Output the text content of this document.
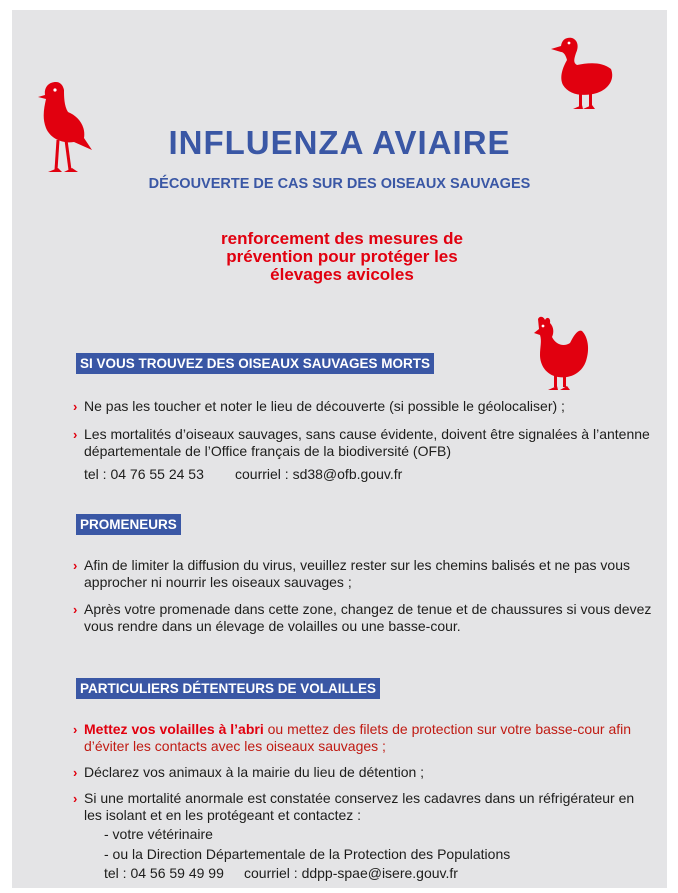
INFLUENZA AVIAIRE
DÉCOUVERTE DE CAS SUR DES OISEAUX SAUVAGES
renforcement des mesures de
prévention pour protéger les
élevages avicoles
SI VOUS TROUVEZ DES OISEAUX SAUVAGES MORTS
› Ne pas les toucher et noter le lieu de découverte (si possible le géolocaliser) ;
› Les mortalités d’oiseaux sauvages, sans cause évidente, doivent être signalées à l’antenne départementale de l’Office français de la biodiversité (OFB)
tel : 04 76 55 24 53 courriel : sd38@ofb.gouv.fr
PROMENEURS
› Afin de limiter la diffusion du virus, veuillez rester sur les chemins balisés et ne pas vous approcher ni nourrir les oiseaux sauvages ;
› Après votre promenade dans cette zone, changez de tenue et de chaussures si vous devez vous rendre dans un élevage de volailles ou une basse-cour.
PARTICULIERS DÉTENTEURS DE VOLAILLES
› Mettez vos volailles à l’abri ou mettez des filets de protection sur votre basse-cour afin d’éviter les contacts avec les oiseaux sauvages ;
› Déclarez vos animaux à la mairie du lieu de détention ;
› Si une mortalité anormale est constatée conservez les cadavres dans un réfrigérateur en les isolant et en les protégeant et contactez :
- votre vétérinaire
- ou la Direction Départementale de la Protection des Populations
tel : 04 56 59 49 99 courriel : ddpp-spae@isere.gouv.fr
